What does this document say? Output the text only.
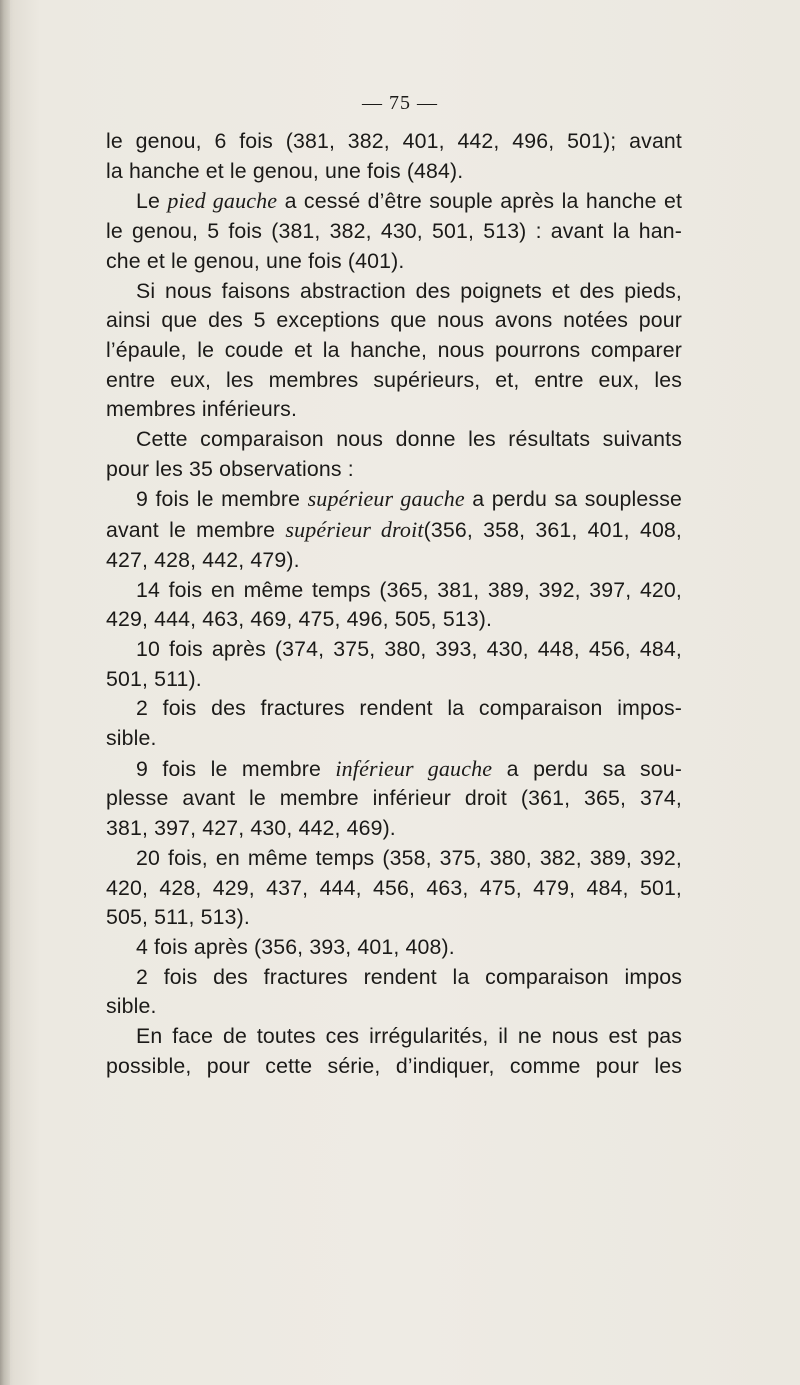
— 75 —

le genou, 6 fois (381, 382, 401, 442, 496, 501); avant
la hanche et le genou, une fois (484).

Le pied gauche a cessé d’être souple après la hanche et
le genou, 5 fois (381, 382, 430, 501, 513) : avant la han-
che et le genou, une fois (401).

Si nous faisons abstraction des poignets et des pieds,
ainsi que des 5 exceptions que nous avons notées pour
l’épaule, le coude et la hanche, nous pourrons comparer
entre eux, les membres supérieurs, et, entre eux, les
membres inférieurs.

Cette comparaison nous donne les résultats suivants
pour les 35 observations :

9 fois le membre supérieur gauche a perdu sa souplesse
avant le membre supérieur droit(356, 358, 361, 401, 408,
427, 428, 442, 479).

14 fois en même temps (365, 381, 389, 392, 397, 420,
429, 444, 463, 469, 475, 496, 505, 513).

10 fois après (374, 375, 380, 393, 430, 448, 456, 484,
501, 511).

2 fois des fractures rendent la comparaison impos-
sible.

9 fois le membre inférieur gauche a perdu sa sou-
plesse avant le membre inférieur droit (361, 365, 374,
381, 397, 427, 430, 442, 469).

20 fois, en même temps (358, 375, 380, 382, 389, 392,
420, 428, 429, 437, 444, 456, 463, 475, 479, 484, 501,
505, 511, 513).

4 fois après (356, 393, 401, 408).

2 fois des fractures rendent la comparaison impos
sible.

En face de toutes ces irrégularités, il ne nous est pas
possible, pour cette série, d’indiquer, comme pour les
